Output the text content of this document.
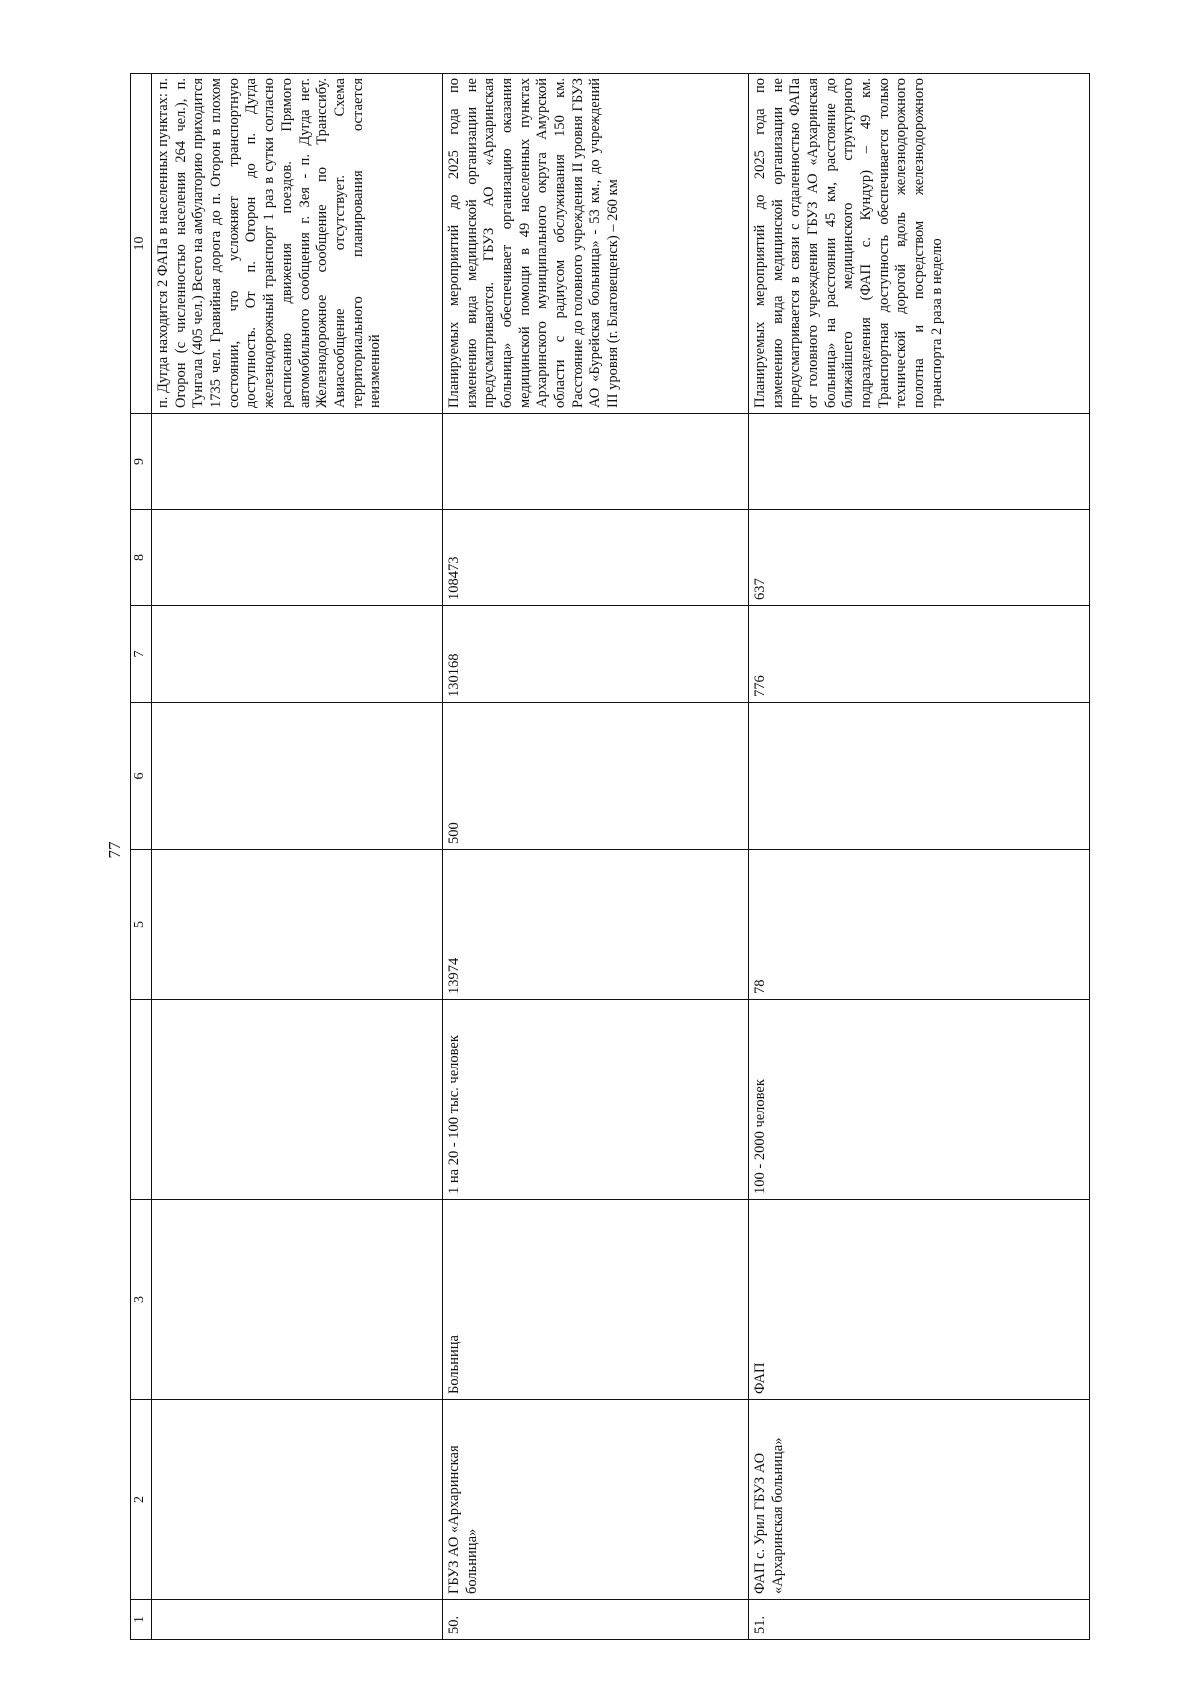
77
1	2	3		5	6	7	8	9	10
									п. Дугда находится 2 ФАПа в населенных пунктах: п. Огорон (с численностью населения 264 чел.), п. Тунгала (405 чел.) Всего на амбулаторию приходится 1735 чел. Гравийная дорога до п. Огорон в плохом состоянии, что усложняет транспортную доступность. От п. Огорон до п. Дугда железнодорожный транспорт 1 раз в сутки согласно расписанию движения поездов. Прямого автомобильного сообщения г. Зея - п. Дугда нет. Железнодорожное сообщение по Транссибу. Авиасообщение отсутствует. Схема территориального планирования остается неизменной
50.	ГБУЗ АО «Архаринская больница»	Больница	1 на 20 - 100 тыс. человек	13974	500	130168	108473		Планируемых мероприятий до 2025 года по изменению вида медицинской организации не предусматриваются. ГБУЗ АО «Архаринская больница» обеспечивает организацию оказания медицинской помощи в 49 населенных пунктах Архаринского муниципального округа Амурской области с радиусом обслуживания 150 км. Расстояние до головного учреждения II уровня ГБУЗ АО «Бурейская больница» - 53 км., до учреждений III уровня (г. Благовещенск) – 260 км
51.	ФАП с. Урил ГБУЗ АО «Архаринская больница»	ФАП	100 - 2000 человек	78		776	637		Планируемых мероприятий до 2025 года по изменению вида медицинской организации не предусматривается в связи с отдаленностью ФАПа от головного учреждения ГБУЗ АО «Архаринская больница» на расстоянии 45 км, расстояние до ближайшего медицинского структурного подразделения (ФАП с. Кундур) – 49 км. Транспортная доступность обеспечивается только технической дорогой вдоль железнодорожного полотна и посредством железнодорожного транспорта 2 раза в неделю
